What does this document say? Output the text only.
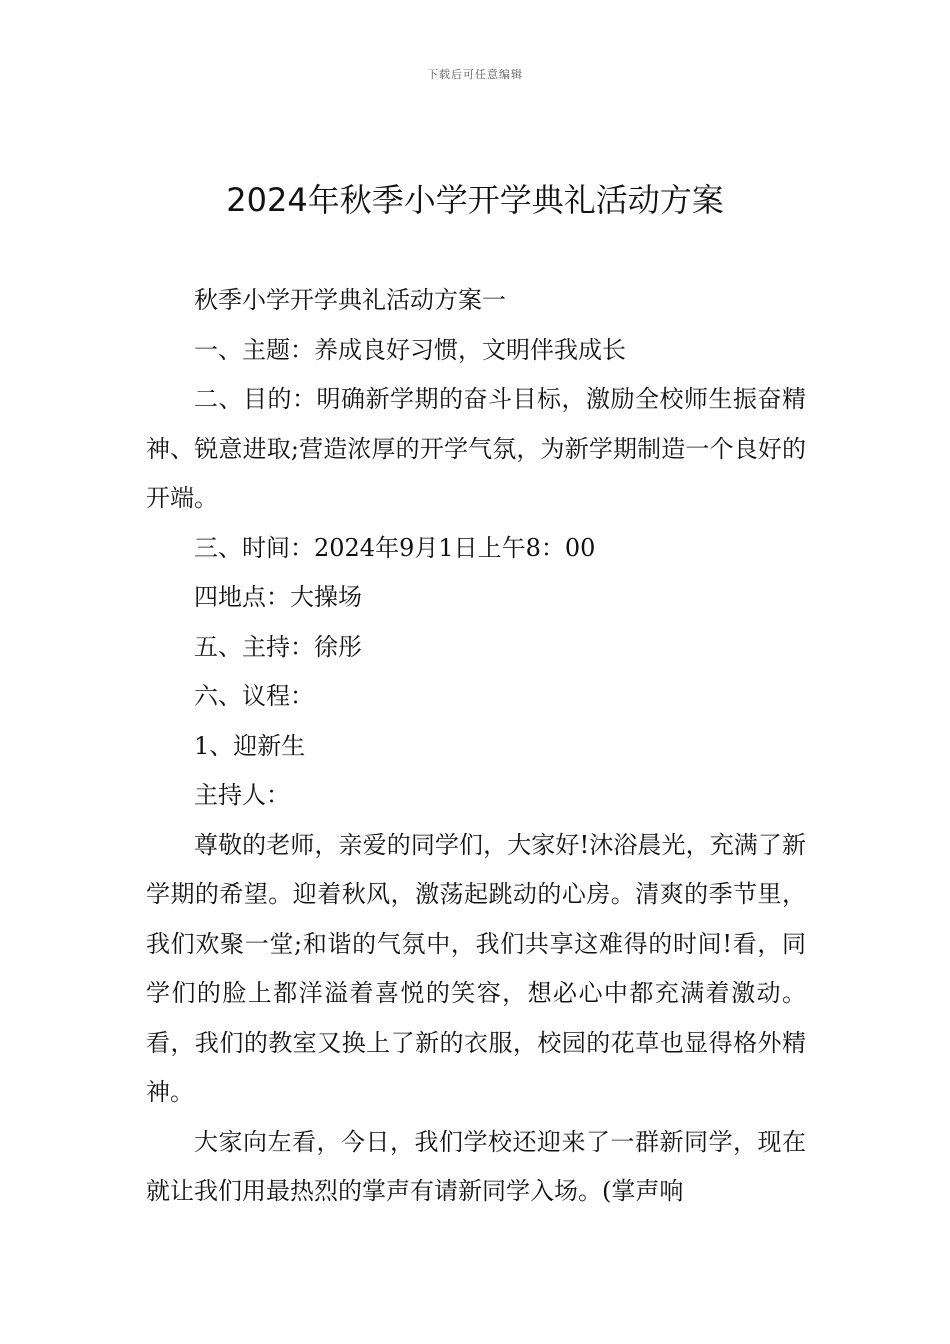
下载后可任意编辑
2024年秋季小学开学典礼活动方案

秋季小学开学典礼活动方案一

一、主题：养成良好习惯，文明伴我成长

二、目的：明确新学期的奋斗目标，激励全校师生振奋精神、锐意进取;营造浓厚的开学气氛，为新学期制造一个良好的开端。

三、时间：2024年9月1日上午8：00

四地点：大操场

五、主持：徐彤

六、议程：

1、迎新生

主持人：

尊敬的老师，亲爱的同学们，大家好!沐浴晨光，充满了新学期的希望。迎着秋风，激荡起跳动的心房。清爽的季节里，我们欢聚一堂;和谐的气氛中，我们共享这难得的时间!看，同学们的脸上都洋溢着喜悦的笑容，想必心中都充满着激动。看，我们的教室又换上了新的衣服，校园的花草也显得格外精神。

大家向左看，今日，我们学校还迎来了一群新同学，现在就让我们用最热烈的掌声有请新同学入场。(掌声响
